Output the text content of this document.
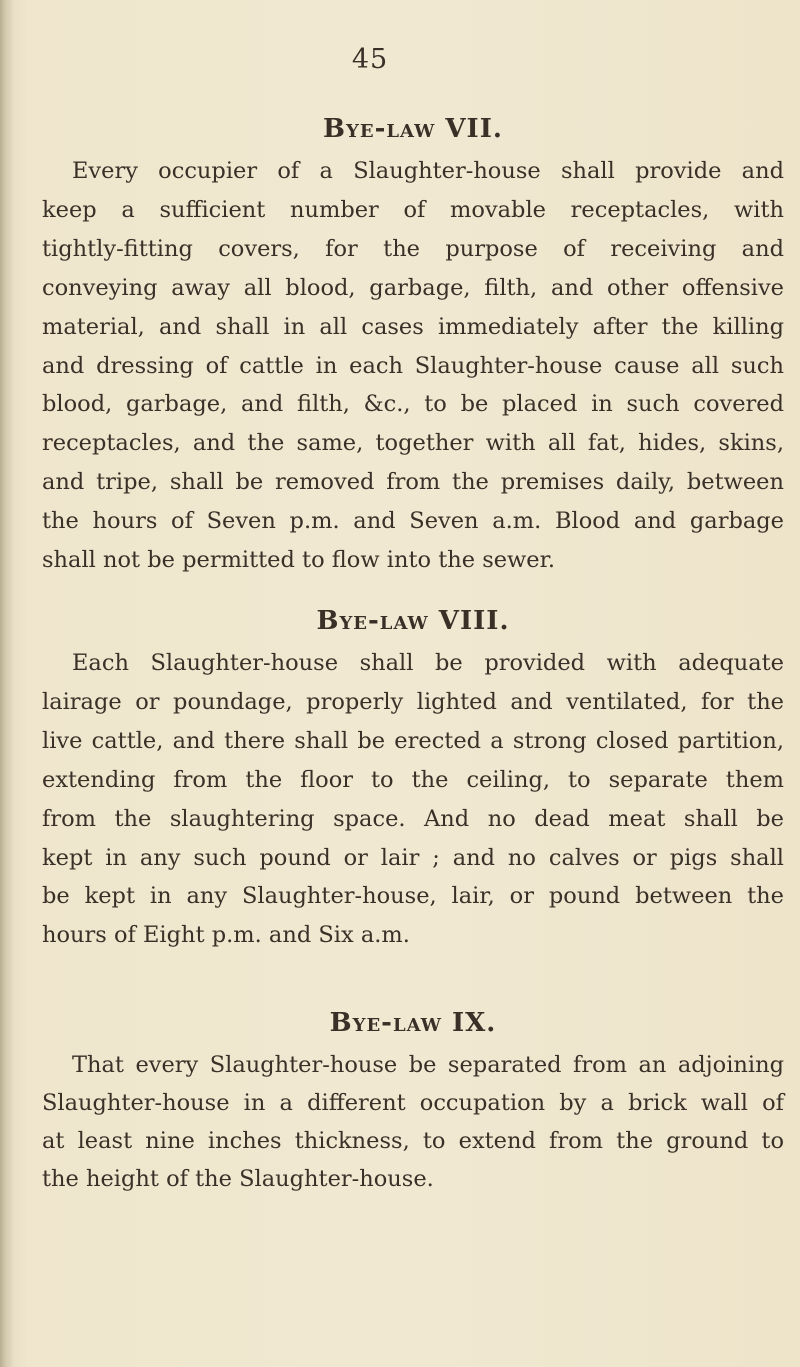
45
Bye-law VII.

Every occupier of a Slaughter-house shall provide and
keep a sufficient number of movable receptacles, with
tightly-fitting covers, for the purpose of receiving and
conveying away all blood, garbage, filth, and other offensive
material, and shall in all cases immediately after the killing
and dressing of cattle in each Slaughter-house cause all such
blood, garbage, and filth, &c., to be placed in such covered
receptacles, and the same, together with all fat, hides, skins,
and tripe, shall be removed from the premises daily, between
the hours of Seven p.m. and Seven a.m. Blood and garbage
shall not be permitted to flow into the sewer.

Bye-law VIII.

Each Slaughter-house shall be provided with adequate
lairage or poundage, properly lighted and ventilated, for the
live cattle, and there shall be erected a strong closed partition,
extending from the floor to the ceiling, to separate them
from the slaughtering space. And no dead meat shall be
kept in any such pound or lair ; and no calves or pigs shall
be kept in any Slaughter-house, lair, or pound between the
hours of Eight p.m. and Six a.m.

Bye-law IX.

That every Slaughter-house be separated from an adjoining
Slaughter-house in a different occupation by a brick wall of
at least nine inches thickness, to extend from the ground to
the height of the Slaughter-house.
